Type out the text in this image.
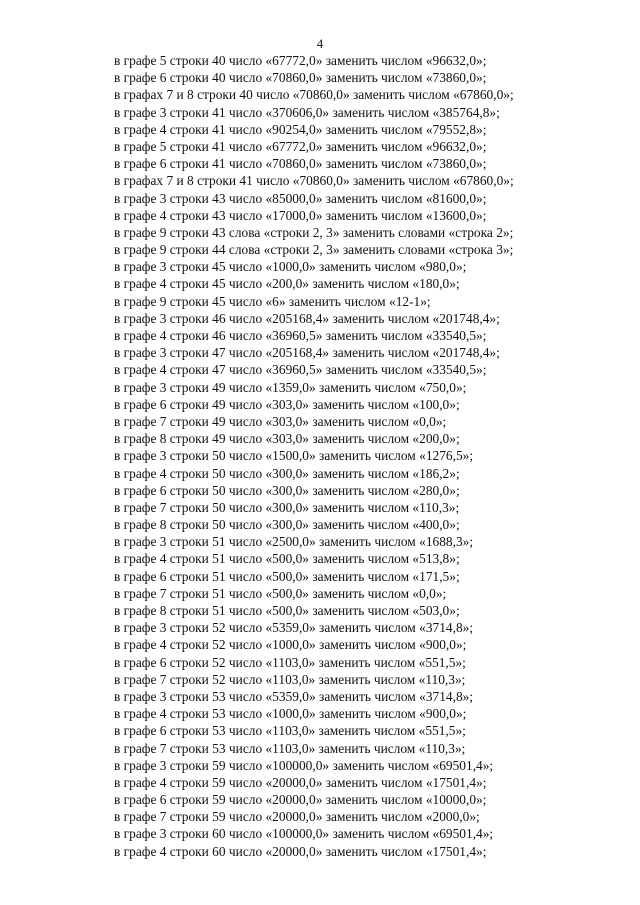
4
в графе 5 строки 40 число «67772,0» заменить числом «96632,0»;
в графе 6 строки 40 число «70860,0» заменить числом «73860,0»;
в графах 7 и 8 строки 40 число «70860,0» заменить числом «67860,0»;
в графе 3 строки 41 число «370606,0» заменить числом «385764,8»;
в графе 4 строки 41 число «90254,0» заменить числом «79552,8»;
в графе 5 строки 41 число «67772,0» заменить числом «96632,0»;
в графе 6 строки 41 число «70860,0» заменить числом «73860,0»;
в графах 7 и 8 строки 41 число «70860,0» заменить числом «67860,0»;
в графе 3 строки 43 число «85000,0» заменить числом «81600,0»;
в графе 4 строки 43 число «17000,0» заменить числом «13600,0»;
в графе 9 строки 43 слова «строки 2, 3» заменить словами «строка 2»;
в графе 9 строки 44 слова «строки 2, 3» заменить словами «строка 3»;
в графе 3 строки 45 число «1000,0» заменить числом «980,0»;
в графе 4 строки 45 число «200,0» заменить числом «180,0»;
в графе 9 строки 45 число «6» заменить числом «12-1»;
в графе 3 строки 46 число «205168,4» заменить числом «201748,4»;
в графе 4 строки 46 число «36960,5» заменить числом «33540,5»;
в графе 3 строки 47 число «205168,4» заменить числом «201748,4»;
в графе 4 строки 47 число «36960,5» заменить числом «33540,5»;
в графе 3 строки 49 число «1359,0» заменить числом «750,0»;
в графе 6 строки 49 число «303,0» заменить числом «100,0»;
в графе 7 строки 49 число «303,0» заменить числом «0,0»;
в графе 8 строки 49 число «303,0» заменить числом «200,0»;
в графе 3 строки 50 число «1500,0» заменить числом «1276,5»;
в графе 4 строки 50 число «300,0» заменить числом «186,2»;
в графе 6 строки 50 число «300,0» заменить числом «280,0»;
в графе 7 строки 50 число «300,0» заменить числом «110,3»;
в графе 8 строки 50 число «300,0» заменить числом «400,0»;
в графе 3 строки 51 число «2500,0» заменить числом «1688,3»;
в графе 4 строки 51 число «500,0» заменить числом «513,8»;
в графе 6 строки 51 число «500,0» заменить числом «171,5»;
в графе 7 строки 51 число «500,0» заменить числом «0,0»;
в графе 8 строки 51 число «500,0» заменить числом «503,0»;
в графе 3 строки 52 число «5359,0» заменить числом «3714,8»;
в графе 4 строки 52 число «1000,0» заменить числом «900,0»;
в графе 6 строки 52 число «1103,0» заменить числом «551,5»;
в графе 7 строки 52 число «1103,0» заменить числом «110,3»;
в графе 3 строки 53 число «5359,0» заменить числом «3714,8»;
в графе 4 строки 53 число «1000,0» заменить числом «900,0»;
в графе 6 строки 53 число «1103,0» заменить числом «551,5»;
в графе 7 строки 53 число «1103,0» заменить числом «110,3»;
в графе 3 строки 59 число «100000,0» заменить числом «69501,4»;
в графе 4 строки 59 число «20000,0» заменить числом «17501,4»;
в графе 6 строки 59 число «20000,0» заменить числом «10000,0»;
в графе 7 строки 59 число «20000,0» заменить числом «2000,0»;
в графе 3 строки 60 число «100000,0» заменить числом «69501,4»;
в графе 4 строки 60 число «20000,0» заменить числом «17501,4»;
